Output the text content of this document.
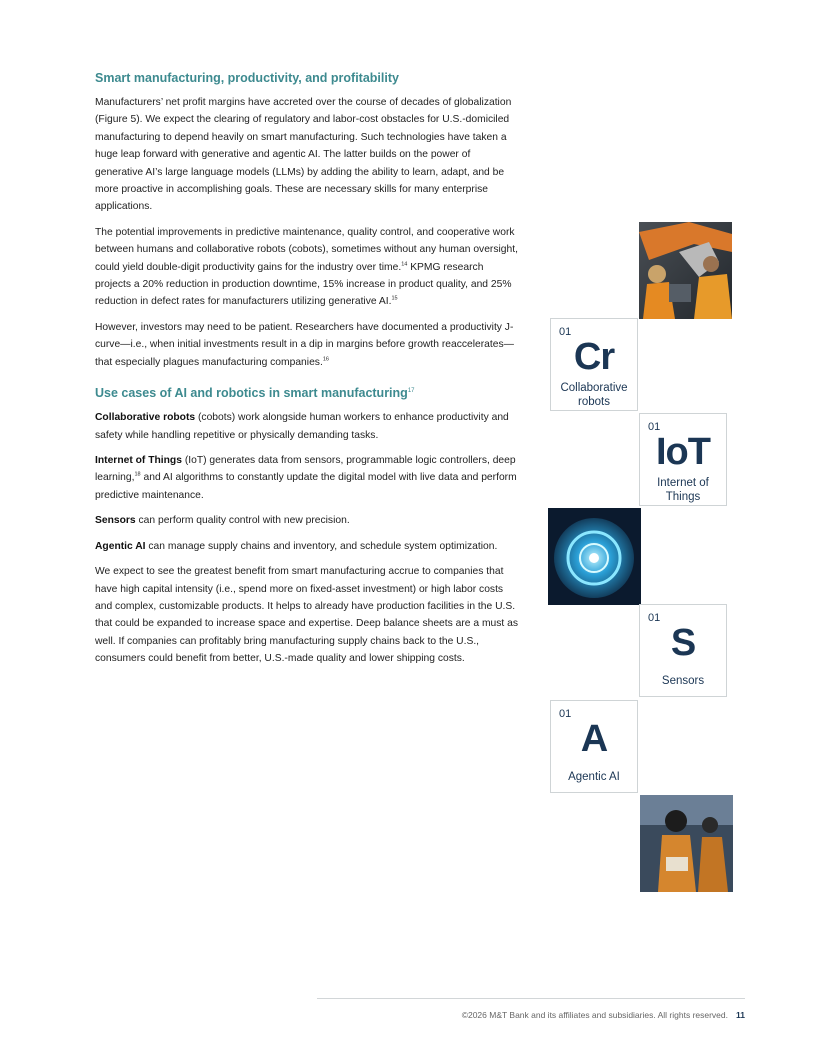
Smart manufacturing, productivity, and profitability

Manufacturers’ net profit margins have accreted over the course of decades of globalization (Figure 5). We expect the clearing of regulatory and labor-cost obstacles for U.S.-domiciled manufacturing to depend heavily on smart manufacturing. Such technologies have taken a huge leap forward with generative and agentic AI. The latter builds on the power of generative AI’s large language models (LLMs) by adding the ability to learn, adapt, and be more proactive in accomplishing goals. These are necessary skills for many enterprise applications.

The potential improvements in predictive maintenance, quality control, and cooperative work between humans and collaborative robots (cobots), sometimes without any human oversight, could yield double-digit productivity gains for the industry over time.$^{14}$ KPMG research projects a 20% reduction in production downtime, 15% increase in product quality, and 25% reduction in defect rates for manufacturers utilizing generative AI.$^{15}$

However, investors may need to be patient. Researchers have documented a productivity J-curve—i.e., when initial investments result in a dip in margins before growth reaccelerates—that especially plagues manufacturing companies.$^{16}$

Use cases of AI and robotics in smart manufacturing$^{17}$

Collaborative robots (cobots) work alongside human workers to enhance productivity and safety while handling repetitive or physically demanding tasks.

Internet of Things (IoT) generates data from sensors, programmable logic controllers, deep learning,$^{18}$ and AI algorithms to constantly update the digital model with live data and perform predictive maintenance.

Sensors can perform quality control with new precision.

Agentic AI can manage supply chains and inventory, and schedule system optimization.

We expect to see the greatest benefit from smart manufacturing accrue to companies that have high capital intensity (i.e., spend more on fixed-asset investment) or high labor costs and complex, customizable products. It helps to already have production facilities in the U.S. that could be expanded to increase space and expertise. Deep balance sheets are a must as well. If companies can profitably bring manufacturing supply chains back to the U.S., consumers could benefit from better, U.S.-made quality and lower shipping costs.

01
Cr
Collaborative robots
01
IoT
Internet of Things
01
S
Sensors
01
A
Agentic AI
©2026 M&T Bank and its affiliates and subsidiaries. All rights reserved. 11
